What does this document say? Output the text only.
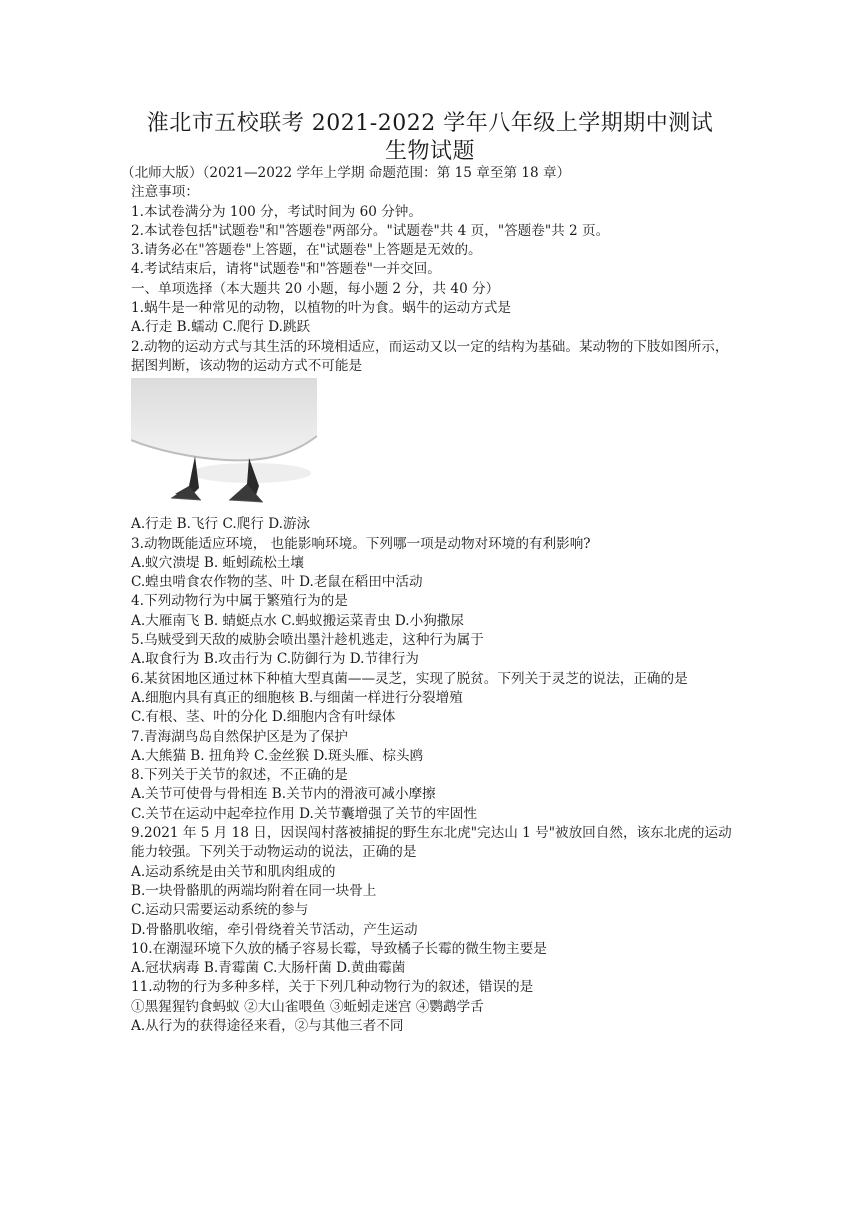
淮北市五校联考 2021-2022 学年八年级上学期期中测试
生物试题
（北师大版）（2021—2022 学年上学期 命题范围：第 15 章至第 18 章）
注意事项：
1.本试卷满分为 100 分，考试时间为 60 分钟。
2.本试卷包括"试题卷"和"答题卷"两部分。"试题卷"共 4 页，"答题卷"共 2 页。
3.请务必在"答题卷"上答题，在"试题卷"上答题是无效的。
4.考试结束后，请将"试题卷"和"答题卷"一并交回。
一、单项选择（本大题共 20 小题，每小题 2 分，共 40 分）
1.蜗牛是一种常见的动物，以植物的叶为食。蜗牛的运动方式是
A.行走 B.蠕动 C.爬行 D.跳跃
2.动物的运动方式与其生活的环境相适应，而运动又以一定的结构为基础。某动物的下肢如图所示，据图判断，该动物的运动方式不可能是
A.行走 B.飞行 C.爬行 D.游泳
3.动物既能适应环境， 也能影响环境。下列哪一项是动物对环境的有利影响?
A.蚁穴溃堤 B. 蚯蚓疏松土壤
C.蝗虫啃食农作物的茎、叶 D.老鼠在稻田中活动
4.下列动物行为中属于繁殖行为的是
A.大雁南飞 B. 蜻蜓点水 C.蚂蚁搬运菜青虫 D.小狗撒尿
5.乌贼受到天敌的威胁会喷出墨汁趁机逃走，这种行为属于
A.取食行为 B.攻击行为 C.防御行为 D.节律行为
6.某贫困地区通过林下种植大型真菌——灵芝，实现了脱贫。下列关于灵芝的说法，正确的是
A.细胞内具有真正的细胞核 B.与细菌一样进行分裂增殖
C.有根、茎、叶的分化 D.细胞内含有叶绿体
7.青海湖鸟岛自然保护区是为了保护
A.大熊猫 B. 扭角羚 C.金丝猴 D.斑头雁、棕头鸥
8.下列关于关节的叙述，不正确的是
A.关节可使骨与骨相连 B.关节内的滑液可减小摩擦
C.关节在运动中起牵拉作用 D.关节囊增强了关节的牢固性
9.2021 年 5 月 18 日，因误闯村落被捕捉的野生东北虎"完达山 1 号"被放回自然，该东北虎的运动能力较强。下列关于动物运动的说法，正确的是
A.运动系统是由关节和肌肉组成的
B.一块骨骼肌的两端均附着在同一块骨上
C.运动只需要运动系统的参与
D.骨骼肌收缩，牵引骨绕着关节活动，产生运动
10.在潮湿环境下久放的橘子容易长霉，导致橘子长霉的微生物主要是
A.冠状病毒 B.青霉菌 C.大肠杆菌 D.黄曲霉菌
11.动物的行为多种多样，关于下列几种动物行为的叙述，错误的是
①黑猩猩钓食蚂蚁 ②大山雀喂鱼 ③蚯蚓走迷宫 ④鹦鹉学舌
A.从行为的获得途径来看，②与其他三者不同
